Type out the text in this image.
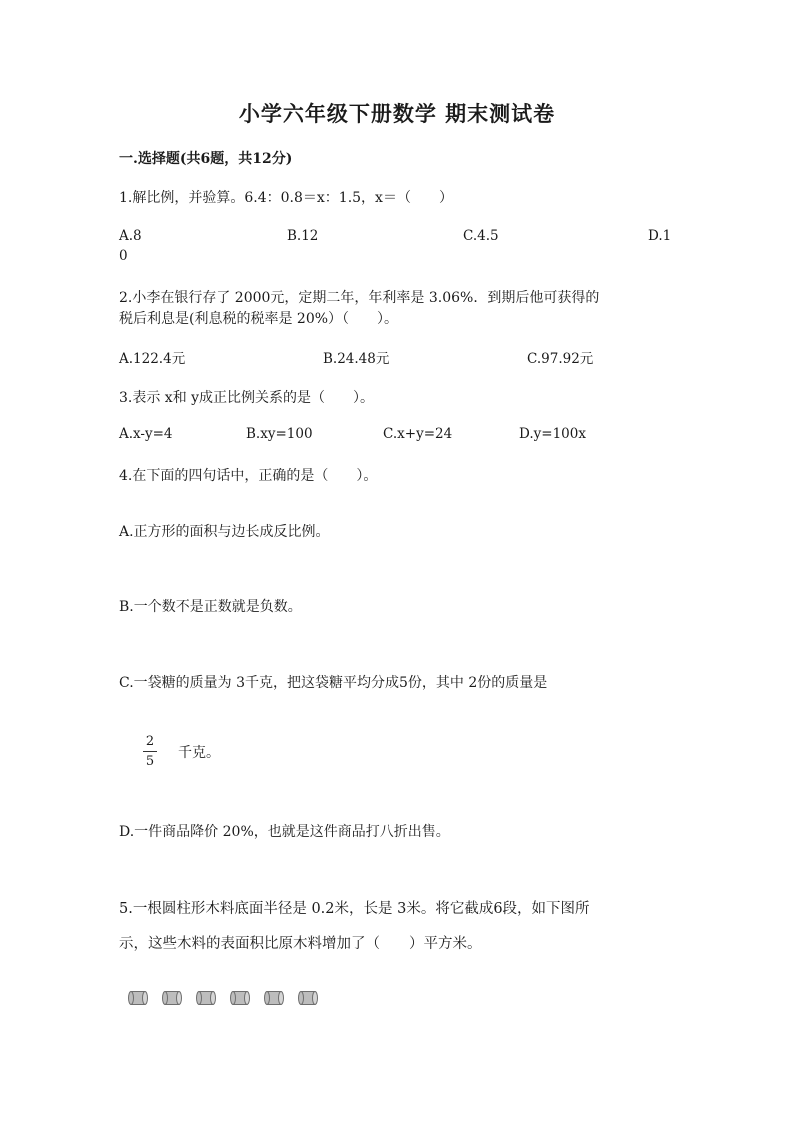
小学六年级下册数学 期末测试卷
一.选择题(共6题，共12分)
1.解比例，并验算。6.4：0.8＝x：1.5，x＝（　　）
A.8	B.12	C.4.5	D.1
0
2.小李在银行存了 2000元，定期二年，年利率是 3.06%．到期后他可获得的
税后利息是(利息税的税率是 20%）（　　）。
A.122.4元	B.24.48元	C.97.92元
3.表示 x和 y成正比例关系的是（　　）。
A.x-y=4	B.xy=100	C.x+y=24	D.y=100x
4.在下面的四句话中，正确的是（　　）。
A.正方形的面积与边长成反比例。
B.一个数不是正数就是负数。
C.一袋糖的质量为 3千克，把这袋糖平均分成5份，其中 2份的质量是
2
5
千克。
D.一件商品降价 20%，也就是这件商品打八折出售。
5.一根圆柱形木料底面半径是 0.2米，长是 3米。将它截成6段，如下图所
示，这些木料的表面积比原木料增加了（　　）平方米。
